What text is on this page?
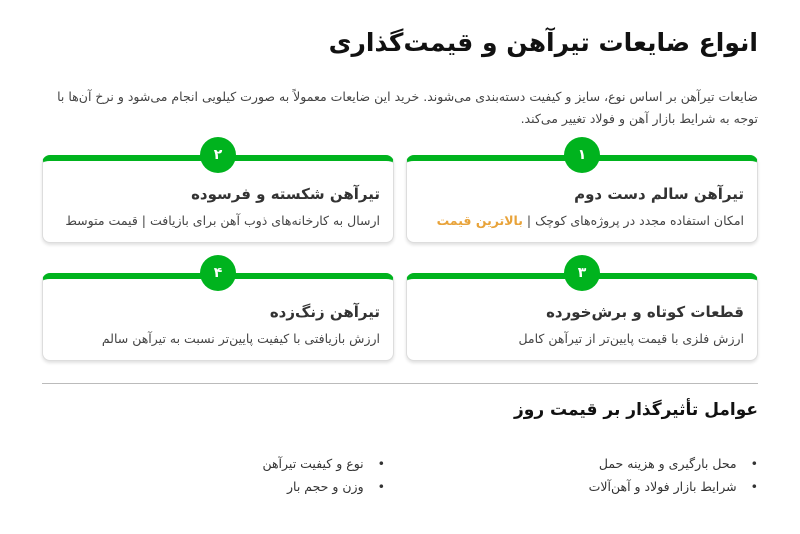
انواع ضایعات تیرآهن و قیمت‌گذاری

ضایعات تیرآهن بر اساس نوع، سایز و کیفیت دسته‌بندی می‌شوند. خرید این ضایعات معمولاً به صورت کیلویی انجام می‌شود و نرخ آن‌ها با توجه به شرایط بازار آهن و فولاد تغییر می‌کند.

۱
تیرآهن سالم دست دوم
امکان استفاده مجدد در پروژه‌های کوچک | بالاترین قیمت
۲
تیرآهن شکسته و فرسوده
ارسال به کارخانه‌های ذوب آهن برای بازیافت | قیمت متوسط
۳
قطعات کوتاه و برش‌خورده
ارزش فلزی با قیمت پایین‌تر از تیرآهن کامل
۴
تیرآهن زنگ‌زده
ارزش بازیافتی با کیفیت پایین‌تر نسبت به تیرآهن سالم
عوامل تأثیرگذار بر قیمت روز
• محل بارگیری و هزینه حمل
• شرایط بازار فولاد و آهن‌آلات
• نوع و کیفیت تیرآهن
• وزن و حجم بار
